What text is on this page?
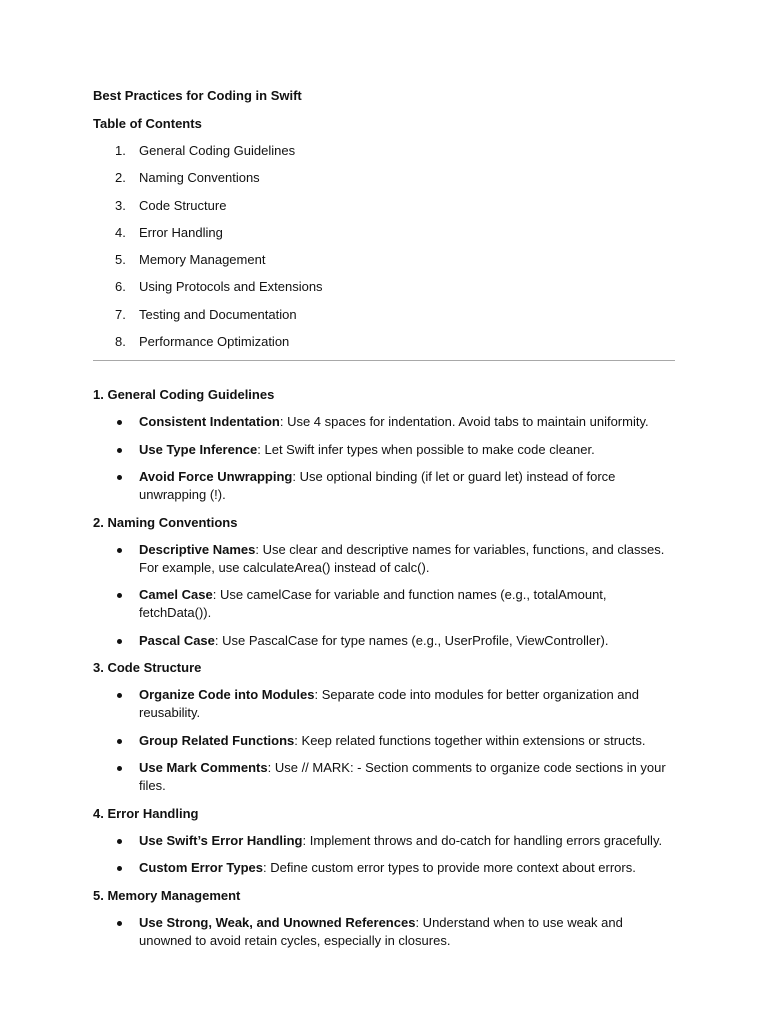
Best Practices for Coding in Swift

Table of Contents

1. General Coding Guidelines
2. Naming Conventions
3. Code Structure
4. Error Handling
5. Memory Management
6. Using Protocols and Extensions
7. Testing and Documentation
8. Performance Optimization

1. General Coding Guidelines

Consistent Indentation: Use 4 spaces for indentation. Avoid tabs to maintain uniformity.
Use Type Inference: Let Swift infer types when possible to make code cleaner.
Avoid Force Unwrapping: Use optional binding (if let or guard let) instead of force unwrapping (!).

2. Naming Conventions

Descriptive Names: Use clear and descriptive names for variables, functions, and classes. For example, use calculateArea() instead of calc().
Camel Case: Use camelCase for variable and function names (e.g., totalAmount, fetchData()).
Pascal Case: Use PascalCase for type names (e.g., UserProfile, ViewController).

3. Code Structure

Organize Code into Modules: Separate code into modules for better organization and reusability.
Group Related Functions: Keep related functions together within extensions or structs.
Use Mark Comments: Use // MARK: - Section comments to organize code sections in your files.

4. Error Handling

Use Swift’s Error Handling: Implement throws and do-catch for handling errors gracefully.
Custom Error Types: Define custom error types to provide more context about errors.

5. Memory Management

Use Strong, Weak, and Unowned References: Understand when to use weak and unowned to avoid retain cycles, especially in closures.
